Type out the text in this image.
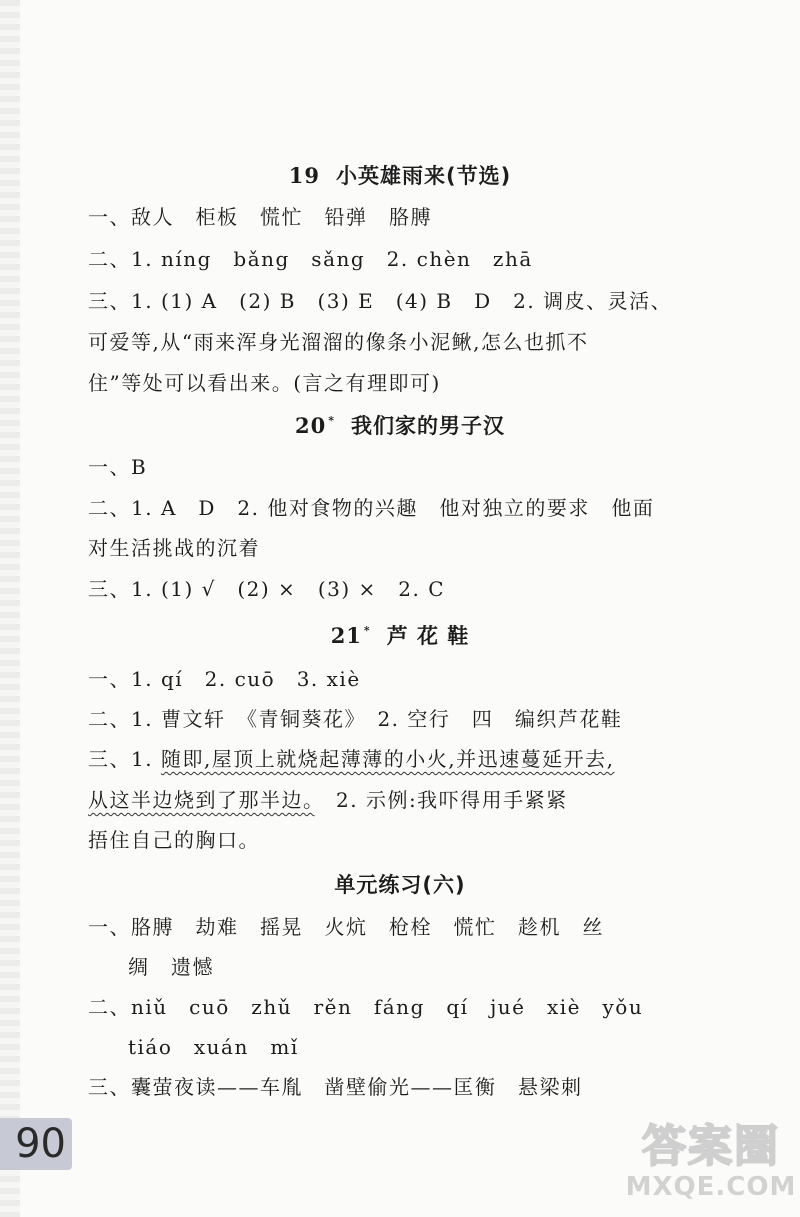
19 小英雄雨来(节选)
一、敌人　柜板　慌忙　铅弹　胳膊
二、1. níng　bǎng　sǎng　2. chèn　zhā
三、1. (1) A　(2) B　(3) E　(4) B　D　2. 调皮、灵活、
可爱等,从“雨来浑身光溜溜的像条小泥鳅,怎么也抓不
住”等处可以看出来。(言之有理即可)
20 * 我们家的男子汉
一、B
二、1. A　D　2. 他对食物的兴趣　他对独立的要求　他面
对生活挑战的沉着
三、1. (1) √　(2) ×　(3) ×　2. C
21 * 芦 花 鞋
一、1. qí　2. cuō　3. xiè
二、1. 曹文轩　《青铜葵花》　2. 空行　四　编织芦花鞋
三、1. 随即,屋顶上就烧起薄薄的小火,并迅速蔓延开去,
从这半边烧到了那半边。　2. 示例:我吓得用手紧紧
捂住自己的胸口。
单元练习(六)
一、胳膊　劫难　摇晃　火炕　枪栓　慌忙　趁机　丝
绸　遗憾
二、niǔ　cuō　zhǔ　rěn　fáng　qí　jué　xiè　yǒu
tiáo　xuán　mǐ
三、囊萤夜读——车胤　凿壁偷光——匡衡　悬梁刺
90	答案圈
MXQE.COM
